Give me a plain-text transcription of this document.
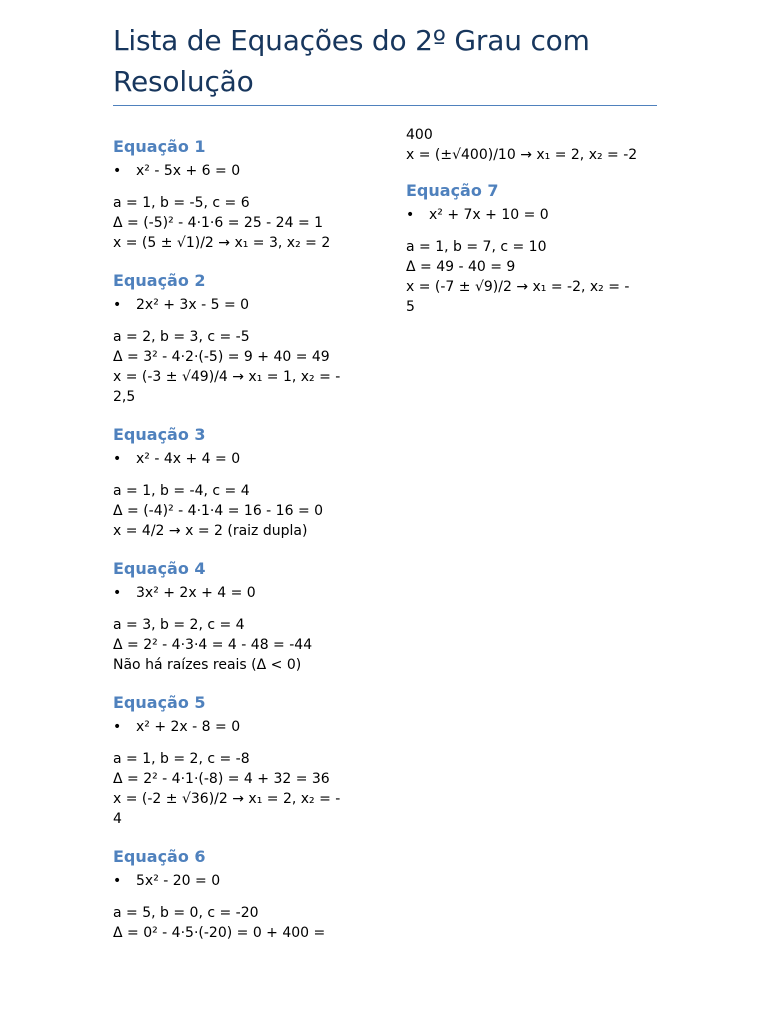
Lista de Equações do 2º Grau com Resolução
Equação 1
• x² - 5x + 6 = 0
a = 1, b = -5, c = 6
Δ = (-5)² - 4·1·6 = 25 - 24 = 1
x = (5 ± √1)/2 → x₁ = 3, x₂ = 2
Equação 2
• 2x² + 3x - 5 = 0
a = 2, b = 3, c = -5
Δ = 3² - 4·2·(-5) = 9 + 40 = 49
x = (-3 ± √49)/4 → x₁ = 1, x₂ = -
2,5
Equação 3
• x² - 4x + 4 = 0
a = 1, b = -4, c = 4
Δ = (-4)² - 4·1·4 = 16 - 16 = 0
x = 4/2 → x = 2 (raiz dupla)
Equação 4
• 3x² + 2x + 4 = 0
a = 3, b = 2, c = 4
Δ = 2² - 4·3·4 = 4 - 48 = -44
Não há raízes reais (Δ < 0)
Equação 5
• x² + 2x - 8 = 0
a = 1, b = 2, c = -8
Δ = 2² - 4·1·(-8) = 4 + 32 = 36
x = (-2 ± √36)/2 → x₁ = 2, x₂ = -
4
Equação 6
• 5x² - 20 = 0
a = 5, b = 0, c = -20
Δ = 0² - 4·5·(-20) = 0 + 400 =
400
x = (±√400)/10 → x₁ = 2, x₂ = -2
Equação 7
• x² + 7x + 10 = 0
a = 1, b = 7, c = 10
Δ = 49 - 40 = 9
x = (-7 ± √9)/2 → x₁ = -2, x₂ = -
5
